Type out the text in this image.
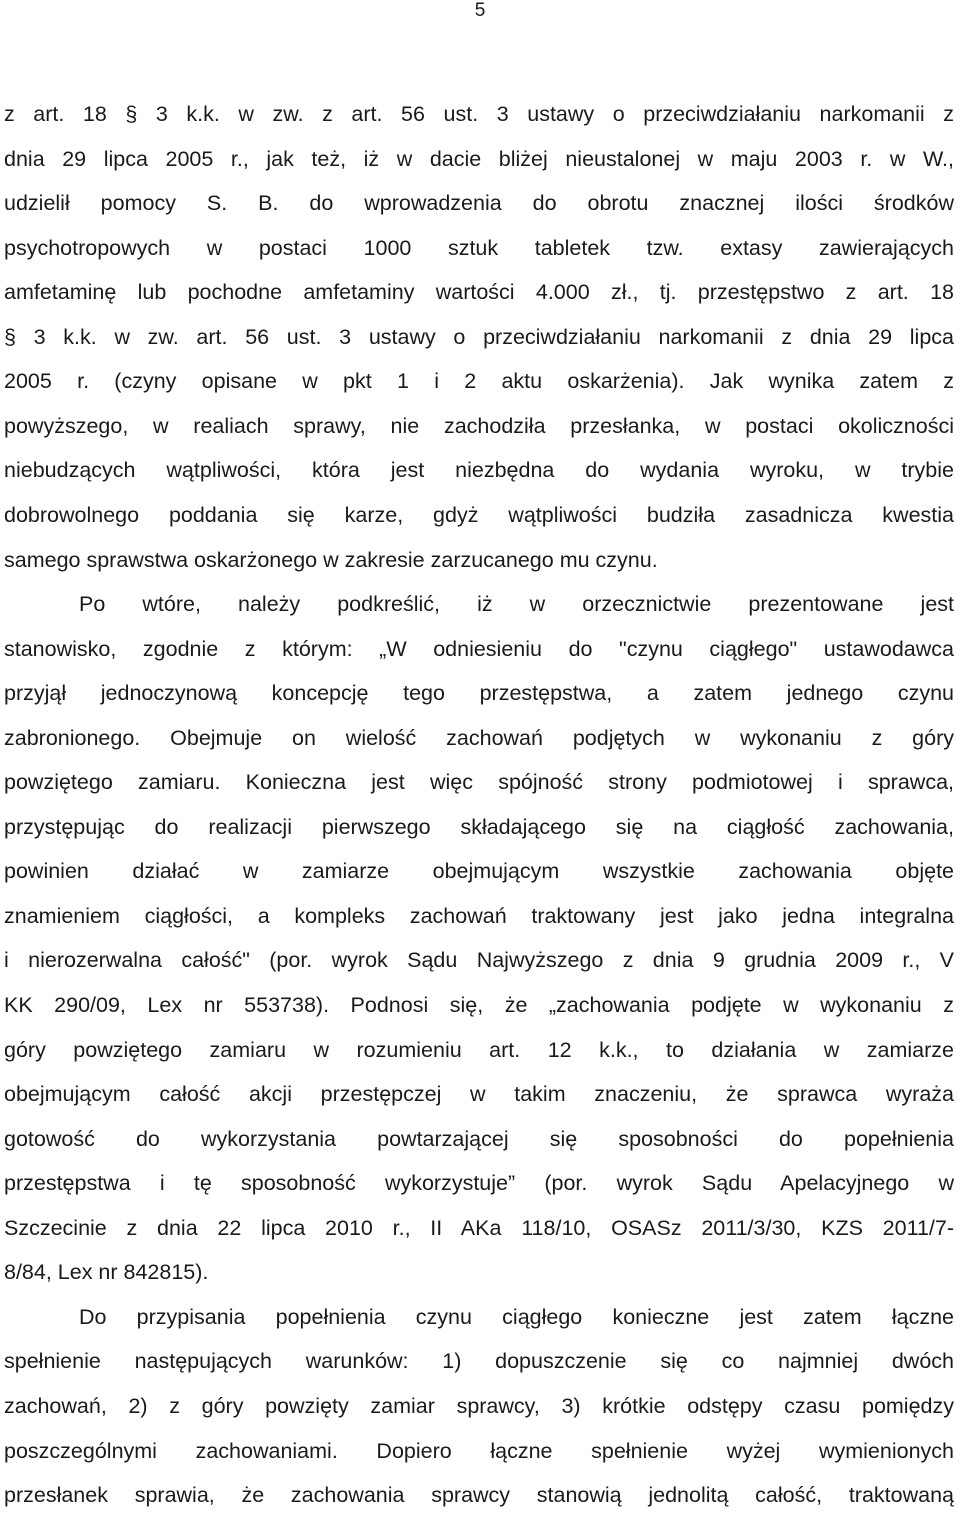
5
z art. 18 § 3 k.k. w zw. z art. 56 ust. 3 ustawy o przeciwdziałaniu narkomanii z
dnia 29 lipca 2005 r., jak też, iż w dacie bliżej nieustalonej w maju 2003 r. w W.,
udzielił pomocy S. B. do wprowadzenia do obrotu znacznej ilości środków
psychotropowych w postaci 1000 sztuk tabletek tzw. extasy zawierających
amfetaminę lub pochodne amfetaminy wartości 4.000 zł., tj. przestępstwo z art. 18
§ 3 k.k. w zw. art. 56 ust. 3 ustawy o przeciwdziałaniu narkomanii z dnia 29 lipca
2005 r. (czyny opisane w pkt 1 i 2 aktu oskarżenia). Jak wynika zatem z
powyższego, w realiach sprawy, nie zachodziła przesłanka, w postaci okoliczności
niebudzących wątpliwości, która jest niezbędna do wydania wyroku, w trybie
dobrowolnego poddania się karze, gdyż wątpliwości budziła zasadnicza kwestia
samego sprawstwa oskarżonego w zakresie zarzucanego mu czynu.
Po wtóre, należy podkreślić, iż w orzecznictwie prezentowane jest
stanowisko, zgodnie z którym: „W odniesieniu do "czynu ciągłego" ustawodawca
przyjął jednoczynową koncepcję tego przestępstwa, a zatem jednego czynu
zabronionego. Obejmuje on wielość zachowań podjętych w wykonaniu z góry
powziętego zamiaru. Konieczna jest więc spójność strony podmiotowej i sprawca,
przystępując do realizacji pierwszego składającego się na ciągłość zachowania,
powinien działać w zamiarze obejmującym wszystkie zachowania objęte
znamieniem ciągłości, a kompleks zachowań traktowany jest jako jedna integralna
i nierozerwalna całość" (por. wyrok Sądu Najwyższego z dnia 9 grudnia 2009 r., V
KK 290/09, Lex nr 553738). Podnosi się, że „zachowania podjęte w wykonaniu z
góry powziętego zamiaru w rozumieniu art. 12 k.k., to działania w zamiarze
obejmującym całość akcji przestępczej w takim znaczeniu, że sprawca wyraża
gotowość do wykorzystania powtarzającej się sposobności do popełnienia
przestępstwa i tę sposobność wykorzystuje” (por. wyrok Sądu Apelacyjnego w
Szczecinie z dnia 22 lipca 2010 r., II AKa 118/10, OSASz 2011/3/30, KZS 2011/7-
8/84, Lex nr 842815).
Do przypisania popełnienia czynu ciągłego konieczne jest zatem łączne
spełnienie następujących warunków: 1) dopuszczenie się co najmniej dwóch
zachowań, 2) z góry powzięty zamiar sprawcy, 3) krótkie odstępy czasu pomiędzy
poszczególnymi zachowaniami. Dopiero łączne spełnienie wyżej wymienionych
przesłanek sprawia, że zachowania sprawcy stanowią jednolitą całość, traktowaną
